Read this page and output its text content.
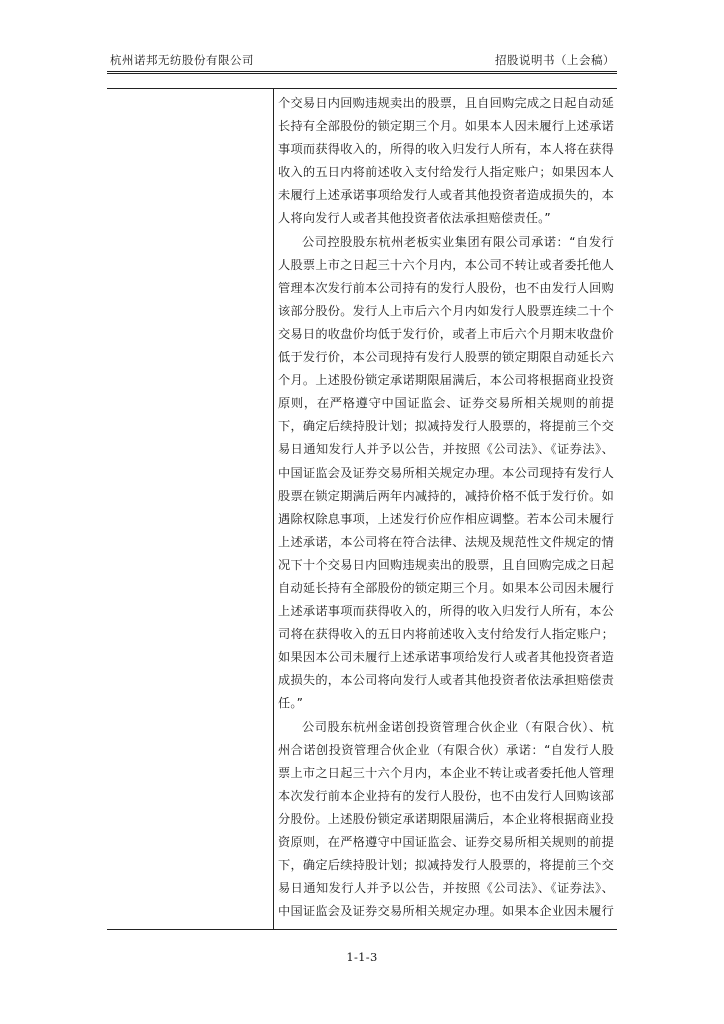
杭州诺邦无纺股份有限公司	招股说明书（上会稿）

个交易日内回购违规卖出的股票，且自回购完成之日起自动延长持有全部股份的锁定期三个月。如果本人因未履行上述承诺事项而获得收入的，所得的收入归发行人所有，本人将在获得收入的五日内将前述收入支付给发行人指定账户；如果因本人未履行上述承诺事项给发行人或者其他投资者造成损失的，本人将向发行人或者其他投资者依法承担赔偿责任。”

公司控股股东杭州老板实业集团有限公司承诺：“自发行人股票上市之日起三十六个月内，本公司不转让或者委托他人管理本次发行前本公司持有的发行人股份，也不由发行人回购该部分股份。发行人上市后六个月内如发行人股票连续二十个交易日的收盘价均低于发行价，或者上市后六个月期末收盘价低于发行价，本公司现持有发行人股票的锁定期限自动延长六个月。上述股份锁定承诺期限届满后，本公司将根据商业投资原则，在严格遵守中国证监会、证券交易所相关规则的前提下，确定后续持股计划；拟减持发行人股票的，将提前三个交易日通知发行人并予以公告，并按照《公司法》、《证券法》、中国证监会及证券交易所相关规定办理。本公司现持有发行人股票在锁定期满后两年内减持的，减持价格不低于发行价。如遇除权除息事项，上述发行价应作相应调整。若本公司未履行上述承诺，本公司将在符合法律、法规及规范性文件规定的情况下十个交易日内回购违规卖出的股票，且自回购完成之日起自动延长持有全部股份的锁定期三个月。如果本公司因未履行上述承诺事项而获得收入的，所得的收入归发行人所有，本公司将在获得收入的五日内将前述收入支付给发行人指定账户；如果因本公司未履行上述承诺事项给发行人或者其他投资者造成损失的，本公司将向发行人或者其他投资者依法承担赔偿责任。”

公司股东杭州金诺创投资管理合伙企业（有限合伙）、杭州合诺创投资管理合伙企业（有限合伙）承诺：“自发行人股票上市之日起三十六个月内，本企业不转让或者委托他人管理本次发行前本企业持有的发行人股份，也不由发行人回购该部分股份。上述股份锁定承诺期限届满后，本企业将根据商业投资原则，在严格遵守中国证监会、证券交易所相关规则的前提下，确定后续持股计划；拟减持发行人股票的，将提前三个交易日通知发行人并予以公告，并按照《公司法》、《证券法》、中国证监会及证券交易所相关规定办理。如果本企业因未履行

1-1-3
